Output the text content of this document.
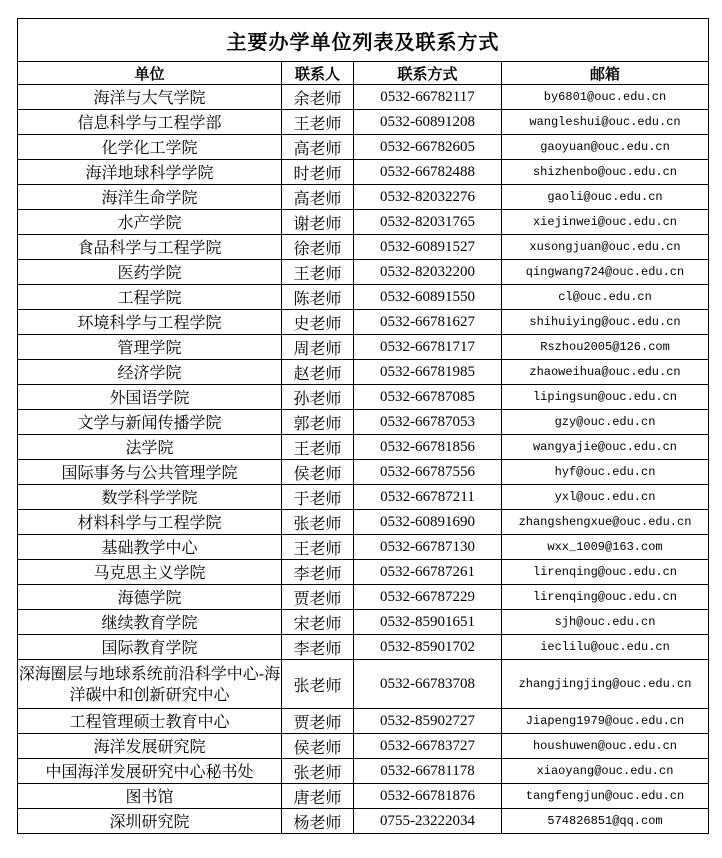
主要办学单位列表及联系方式			
单位	联系人	联系方式	邮箱
海洋与大气学院	余老师	0532-66782117	by6801@ouc.edu.cn
信息科学与工程学部	王老师	0532-60891208	wangleshui@ouc.edu.cn
化学化工学院	高老师	0532-66782605	gaoyuan@ouc.edu.cn
海洋地球科学学院	时老师	0532-66782488	shizhenbo@ouc.edu.cn
海洋生命学院	高老师	0532-82032276	gaoli@ouc.edu.cn
水产学院	谢老师	0532-82031765	xiejinwei@ouc.edu.cn
食品科学与工程学院	徐老师	0532-60891527	xusongjuan@ouc.edu.cn
医药学院	王老师	0532-82032200	qingwang724@ouc.edu.cn
工程学院	陈老师	0532-60891550	cl@ouc.edu.cn
环境科学与工程学院	史老师	0532-66781627	shihuiying@ouc.edu.cn
管理学院	周老师	0532-66781717	Rszhou2005@126.com
经济学院	赵老师	0532-66781985	zhaoweihua@ouc.edu.cn
外国语学院	孙老师	0532-66787085	lipingsun@ouc.edu.cn
文学与新闻传播学院	郭老师	0532-66787053	gzy@ouc.edu.cn
法学院	王老师	0532-66781856	wangyajie@ouc.edu.cn
国际事务与公共管理学院	侯老师	0532-66787556	hyf@ouc.edu.cn
数学科学学院	于老师	0532-66787211	yxl@ouc.edu.cn
材料科学与工程学院	张老师	0532-60891690	zhangshengxue@ouc.edu.cn
基础教学中心	王老师	0532-66787130	wxx_1009@163.com
马克思主义学院	李老师	0532-66787261	lirenqing@ouc.edu.cn
海德学院	贾老师	0532-66787229	lirenqing@ouc.edu.cn
继续教育学院	宋老师	0532-85901651	sjh@ouc.edu.cn
国际教育学院	李老师	0532-85901702	ieclilu@ouc.edu.cn
深海圈层与地球系统前沿科学中心-海洋碳中和创新研究中心	张老师	0532-66783708	zhangjingjing@ouc.edu.cn
工程管理硕士教育中心	贾老师	0532-85902727	Jiapeng1979@ouc.edu.cn
海洋发展研究院	侯老师	0532-66783727	houshuwen@ouc.edu.cn
中国海洋发展研究中心秘书处	张老师	0532-66781178	xiaoyang@ouc.edu.cn
图书馆	唐老师	0532-66781876	tangfengjun@ouc.edu.cn
深圳研究院	杨老师	0755-23222034	574826851@qq.com
